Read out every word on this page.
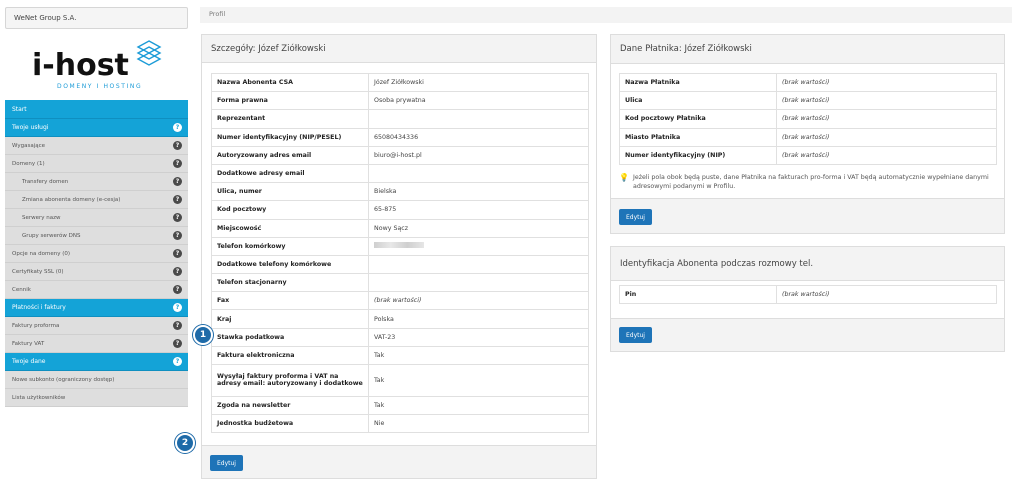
WeNet Group S.A.
i-host
DOMENY I HOSTING
Start
Twoje usługi	?
Wygasające	?
Domeny (1)	?
Transfery domen	?
Zmiana abonenta domeny (e-cesja)	?
Serwery nazw	?
Grupy serwerów DNS	?
Opcje na domeny (0)	?
Certyfikaty SSL (0)	?
Cennik	?
Płatności i faktury	?
Faktury proforma	?
Faktury VAT	?
Twoje dane	?
Nowe subkonto (ograniczony dostęp)
Lista użytkowników
Profil
Szczegóły: Józef Ziółkowski
Nazwa Abonenta CSA	Józef Ziółkowski
Forma prawna	Osoba prywatna
Reprezentant	
Numer identyfikacyjny (NIP/PESEL)	65080434336
Autoryzowany adres email	biuro@i-host.pl
Dodatkowe adresy email	
Ulica, numer	Bielska
Kod pocztowy	65-875
Miejscowość	Nowy Sącz
Telefon komórkowy	
Dodatkowe telefony komórkowe	
Telefon stacjonarny	
Fax	(brak wartości)
Kraj	Polska
Stawka podatkowa	VAT-23
Faktura elektroniczna	Tak
Wysyłaj faktury proforma i VAT na adresy email: autoryzowany i dodatkowe	Tak
Zgoda na newsletter	Tak
Jednostka budżetowa	Nie
Edytuj
Dane Płatnika: Józef Ziółkowski
Nazwa Płatnika	(brak wartości)
Ulica	(brak wartości)
Kod pocztowy Płatnika	(brak wartości)
Miasto Płatnika	(brak wartości)
Numer identyfikacyjny (NIP)	(brak wartości)
💡 Jeżeli pola obok będą puste, dane Płatnika na fakturach pro-forma i VAT będą automatycznie wypełniane danymi adresowymi podanymi w Profilu.
Edytuj
Identyfikacja Abonenta podczas rozmowy tel.
Pin	(brak wartości)
Edytuj
1
2
